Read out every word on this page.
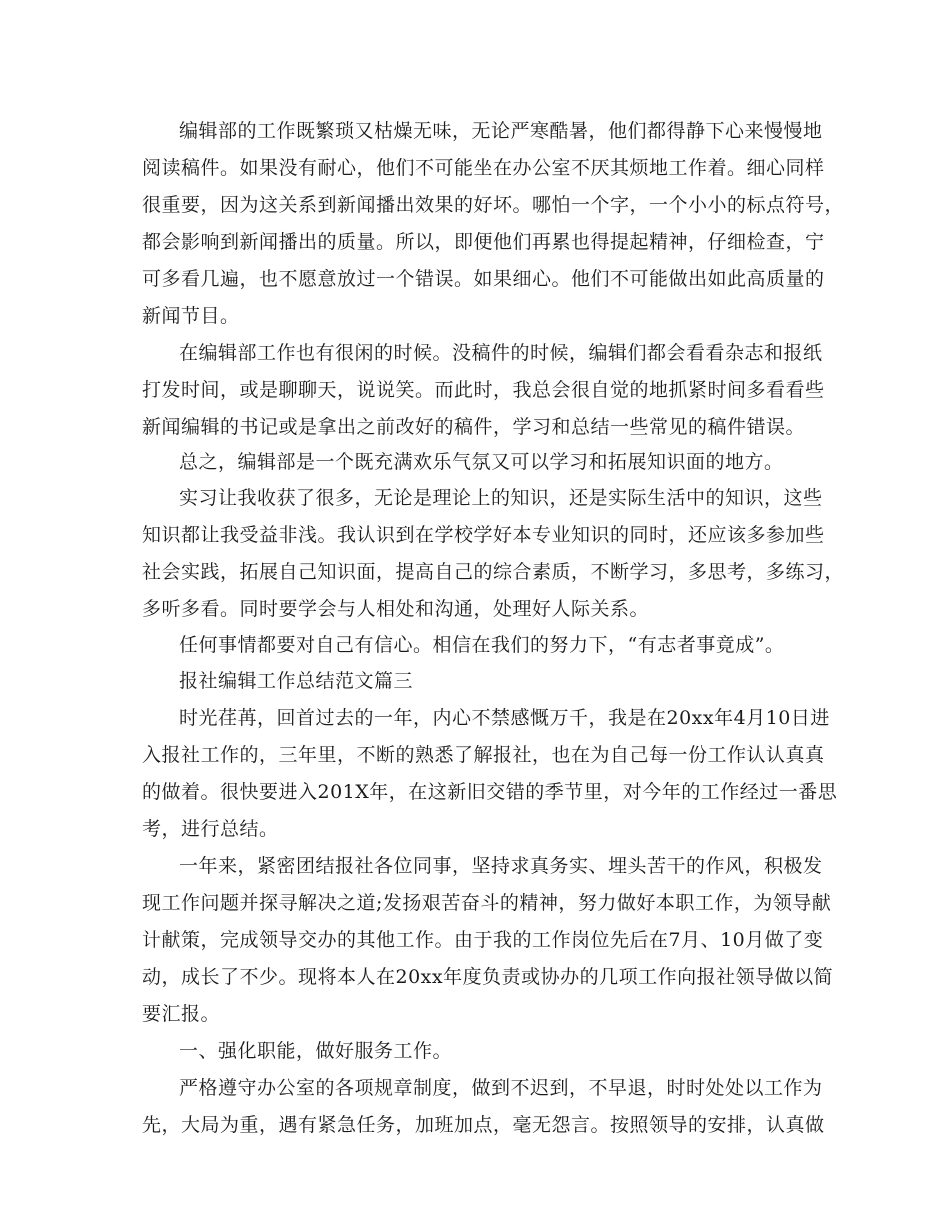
编辑部的工作既繁琐又枯燥无味，无论严寒酷暑，他们都得静下心来慢慢地
阅读稿件。如果没有耐心，他们不可能坐在办公室不厌其烦地工作着。细心同样
很重要，因为这关系到新闻播出效果的好坏。哪怕一个字，一个小小的标点符号，
都会影响到新闻播出的质量。所以，即便他们再累也得提起精神，仔细检查，宁
可多看几遍，也不愿意放过一个错误。如果细心。他们不可能做出如此高质量的
新闻节目。
在编辑部工作也有很闲的时候。没稿件的时候，编辑们都会看看杂志和报纸
打发时间，或是聊聊天，说说笑。而此时，我总会很自觉的地抓紧时间多看看些
新闻编辑的书记或是拿出之前改好的稿件，学习和总结一些常见的稿件错误。
总之，编辑部是一个既充满欢乐气氛又可以学习和拓展知识面的地方。
实习让我收获了很多，无论是理论上的知识，还是实际生活中的知识，这些
知识都让我受益非浅。我认识到在学校学好本专业知识的同时，还应该多参加些
社会实践，拓展自己知识面，提高自己的综合素质，不断学习，多思考，多练习，
多听多看。同时要学会与人相处和沟通，处理好人际关系。
任何事情都要对自己有信心。相信在我们的努力下，“有志者事竟成”。
报社编辑工作总结范文篇三
时光荏苒，回首过去的一年，内心不禁感慨万千，我是在20xx年4月10日进
入报社工作的，三年里，不断的熟悉了解报社，也在为自己每一份工作认认真真
的做着。很快要进入201X年，在这新旧交错的季节里，对今年的工作经过一番思
考，进行总结。
一年来，紧密团结报社各位同事，坚持求真务实、埋头苦干的作风，积极发
现工作问题并探寻解决之道;发扬艰苦奋斗的精神，努力做好本职工作，为领导献
计献策，完成领导交办的其他工作。由于我的工作岗位先后在7月、10月做了变
动，成长了不少。现将本人在20xx年度负责或协办的几项工作向报社领导做以简
要汇报。
一、强化职能，做好服务工作。
严格遵守办公室的各项规章制度，做到不迟到，不早退，时时处处以工作为
先，大局为重，遇有紧急任务，加班加点，毫无怨言。按照领导的安排，认真做
